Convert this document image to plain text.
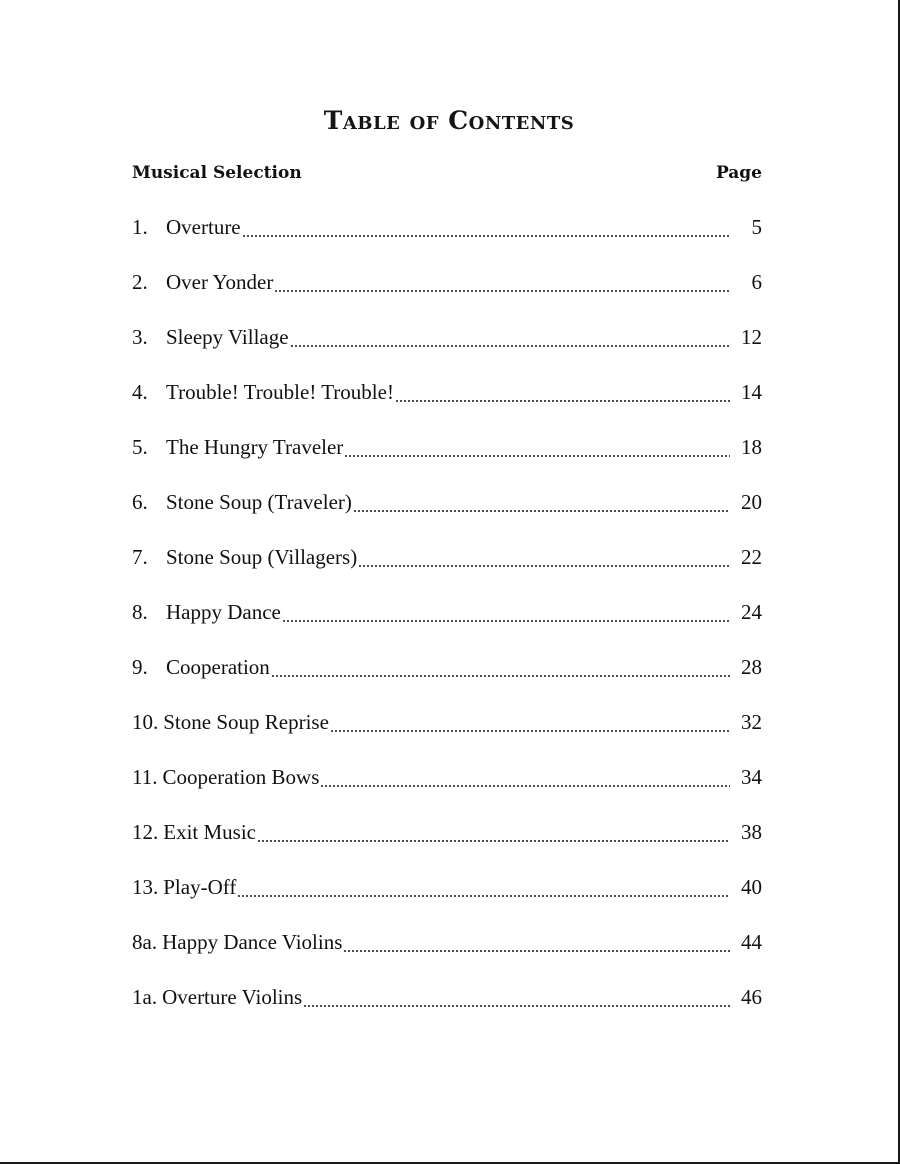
Table of Contents
Musical Selection	Page
1. Overture	5
2. Over Yonder	6
3. Sleepy Village	12
4. Trouble! Trouble! Trouble!	14
5. The Hungry Traveler	18
6. Stone Soup (Traveler)	20
7. Stone Soup (Villagers)	22
8. Happy Dance	24
9. Cooperation	28
10. Stone Soup Reprise	32
11. Cooperation Bows	34
12. Exit Music	38
13. Play-Off	40
8a. Happy Dance Violins	44
1a. Overture Violins	46
